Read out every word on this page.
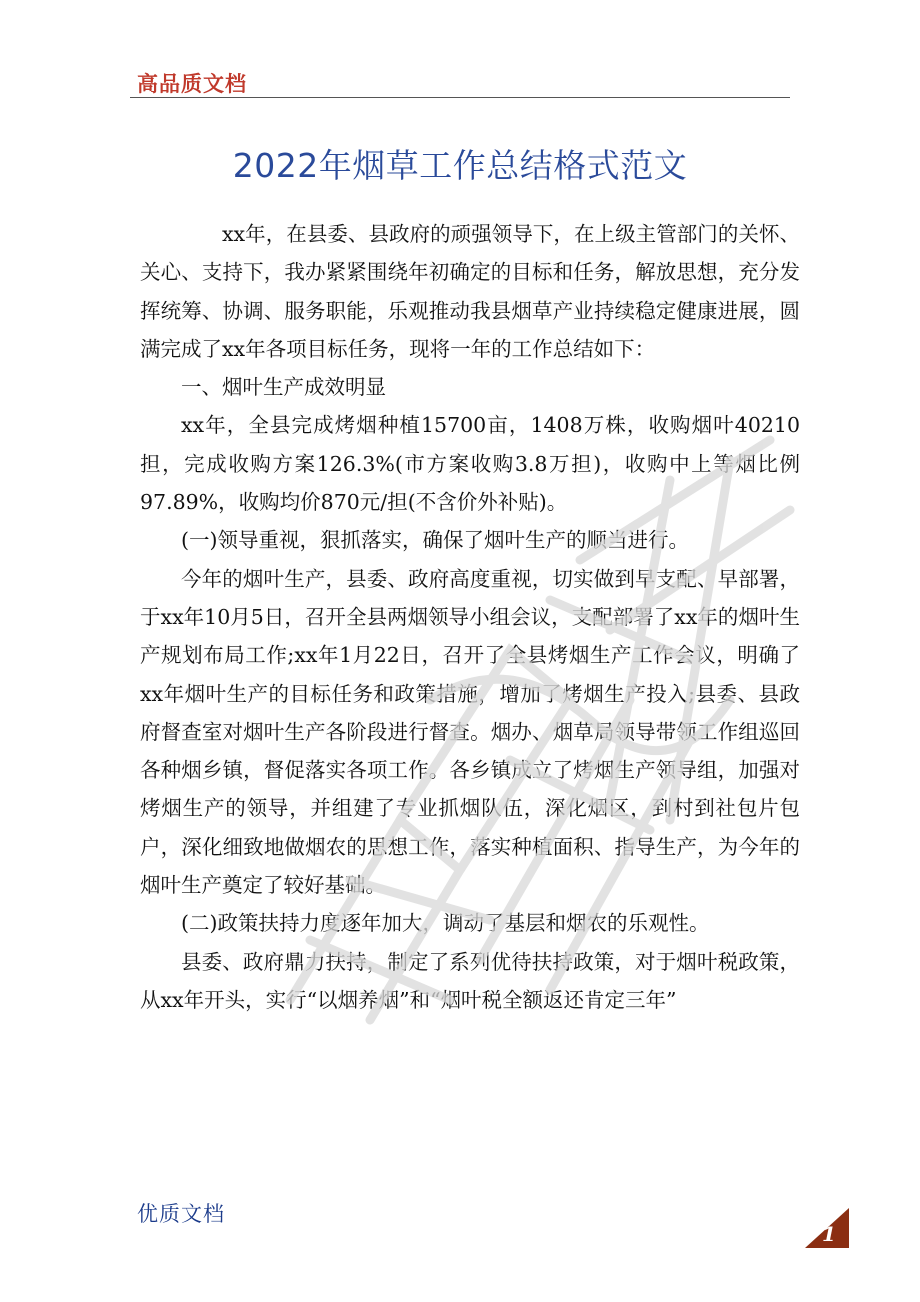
高品质文档
2022年烟草工作总结格式范文

xx年，在县委、县政府的顽强领导下，在上级主管部门的关怀、关心、支持下，我办紧紧围绕年初确定的目标和任务，解放思想，充分发挥统筹、协调、服务职能，乐观推动我县烟草产业持续稳定健康进展，圆满完成了xx年各项目标任务，现将一年的工作总结如下：

一、烟叶生产成效明显

xx年，全县完成烤烟种植15700亩，1408万株，收购烟叶40210担，完成收购方案126.3%(市方案收购3.8万担)，收购中上等烟比例97.89%，收购均价870元/担(不含价外补贴)。

(一)领导重视，狠抓落实，确保了烟叶生产的顺当进行。

今年的烟叶生产，县委、政府高度重视，切实做到早支配、早部署，于xx年10月5日，召开全县两烟领导小组会议，支配部署了xx年的烟叶生产规划布局工作;xx年1月22日，召开了全县烤烟生产工作会议，明确了xx年烟叶生产的目标任务和政策措施，增加了烤烟生产投入;县委、县政府督查室对烟叶生产各阶段进行督查。烟办、烟草局领导带领工作组巡回各种烟乡镇，督促落实各项工作。各乡镇成立了烤烟生产领导组，加强对烤烟生产的领导，并组建了专业抓烟队伍，深化烟区，到村到社包片包户，深化细致地做烟农的思想工作，落实种植面积、指导生产，为今年的烟叶生产奠定了较好基础。

(二)政策扶持力度逐年加大，调动了基层和烟农的乐观性。

县委、政府鼎力扶持，制定了系列优待扶持政策，对于烟叶税政策，从xx年开头，实行“以烟养烟”和“烟叶税全额返还肯定三年”

优质文档
1
